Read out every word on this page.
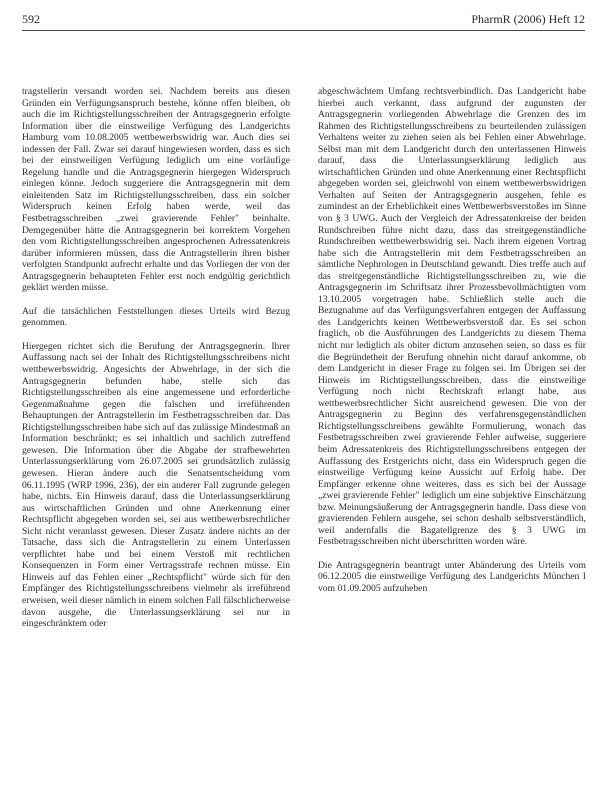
592	PharmR (2006) Heft 12

tragstellerin versandt worden sei. Nachdem bereits aus diesen Gründen ein Verfügungsanspruch bestehe, könne offen bleiben, ob auch die im Richtigstellungsschreiben der Antragsgegnerin erfolgte Information über die einstweilige Verfügung des Landgerichts Hamburg vom 10.08.2005 wettbewerbswidrig war. Auch dies sei indessen der Fall. Zwar sei darauf hingewiesen worden, dass es sich bei der einstweiligen Verfügung lediglich um eine vorläufige Regelung handle und die Antragsgegnerin hiergegen Widerspruch einlegen könne. Jedoch suggeriere die Antragsgegnerin mit dem einleitenden Satz im Richtigstellungsschreiben, dass ein solcher Widerspruch keinen Erfolg haben werde, weil das Festbetragsschreiben „zwei gravierende Fehler" beinhalte. Demgegenüber hätte die Antragsgegnerin bei korrektem Vorgehen den vom Richtigstellungsschreiben angesprochenen Adressatenkreis darüber informieren müssen, dass die Antragstellerin ihren bisher verfolgten Standpunkt aufrecht erhalte und das Vorliegen der von der Antragsgegnerin behaupteten Fehler erst noch endgültig gerichtlich geklärt werden müsse.

Auf die tatsächlichen Feststellungen dieses Urteils wird Bezug genommen.

Hiergegen richtet sich die Berufung der Antragsgegnerin. Ihrer Auffassung nach sei der Inhalt des Richtigstellungsschreibens nicht wettbewerbswidrig. Angesichts der Abwehrlage, in der sich die Antragsgegnerin befunden habe, stelle sich das Richtigstellungsschreiben als eine angemessene und erforderliche Gegenmaßnahme gegen die falschen und irreführenden Behauptungen der Antragstellerin im Festbetragsschreiben dar. Das Richtigstellungsschreiben habe sich auf das zulässige Mindestmaß an Information beschränkt; es sei inhaltlich und sachlich zutreffend gewesen. Die Information über die Abgabe der strafbewehrten Unterlassungserklärung vom 26.07.2005 sei grundsätzlich zulässig gewesen. Hieran ändere auch die Senatsentscheidung vom 06.11.1995 (WRP 1996, 236), der ein anderer Fall zugrunde gelegen habe, nichts. Ein Hinweis darauf, dass die Unterlassungserklärung aus wirtschaftlichen Gründen und ohne Anerkennung einer Rechtspflicht abgegeben worden sei, sei aus wettbewerbsrechtlicher Sicht nicht veranlasst gewesen. Dieser Zusatz ändere nichts an der Tatsache, dass sich die Antragstellerin zu einem Unterlassen verpflichtet habe und bei einem Verstoß mit rechtlichen Konsequenzen in Form einer Vertragsstrafe rechnen müsse. Ein Hinweis auf das Fehlen einer „Rechtspflicht" würde sich für den Empfänger des Richtigstellungsschreibens vielmehr als irreführend erweisen, weil dieser nämlich in einem solchen Fall fälschlicherweise davon ausgehe, die Unterlassungserklärung sei nur in eingeschränktem oder

abgeschwächtem Umfang rechtsverbindlich. Das Landgericht habe hierbei auch verkannt, dass aufgrund der zugunsten der Antragsgegnerin vorliegenden Abwehrlage die Grenzen des im Rahmen des Richtigstellungsschreibens zu beurteilenden zulässigen Verhaltens weiter zu ziehen seien als bei Fehlen einer Abwehrlage. Selbst man mit dem Landgericht durch den unterlassenen Hinweis darauf, dass die Unterlassungserklärung lediglich aus wirtschaftlichen Gründen und ohne Anerkennung einer Rechtspflicht abgegeben worden sei, gleichwohl von einem wettbewerbswidrigen Verhalten auf Seiten der Antragsgegnerin ausgehen, fehle es zumindest an der Erheblichkeit eines Wettbewerbsverstoßes im Sinne von § 3 UWG. Auch der Vergleich der Adressatenkreise der beiden Rundschreiben führe nicht dazu, dass das streitgegenständliche Rundschreiben wettbewerbswidrig sei. Nach ihrem eigenen Vortrag habe sich die Antragstellerin mit dem Festbetragsschreiben an sämtliche Nephrologen in Deutschland gewandt. Dies treffe auch auf das streitgegenständliche Richtigstellungsschreiben zu, wie die Antragsgegnerin im Schriftsatz ihrer Prozessbevollmächtigten vom 13.10.2005 vorgetragen habe. Schließlich stelle auch die Bezugnahme auf das Verfügungsverfahren entgegen der Auffassung des Landgerichts keinen Wettbewerbsverstoß dar. Es sei schon fraglich, ob die Ausführungen des Landgerichts zu diesem Thema nicht nur lediglich als obiter dictum anzusehen seien, so dass es für die Begründetheit der Berufung ohnehin nicht darauf ankomme, ob dem Landgericht in dieser Frage zu folgen sei. Im Übrigen sei der Hinweis im Richtigstellungsschreiben, dass die einstweilige Verfügung noch nicht Rechtskraft erlangt habe, aus wettbewerbsrechtlicher Sicht ausreichend gewesen. Die von der Antragsgegnerin zu Beginn des verfahrensgegenständlichen Richtigstellungsschreibens gewählte Formulierung, wonach das Festbetragsschreiben zwei gravierende Fehler aufweise, suggeriere beim Adressatenkreis des Richtigstellungsschreibens entgegen der Auffassung des Erstgerichts nicht, dass ein Widerspruch gegen die einstweilige Verfügung keine Aussicht auf Erfolg habe. Der Empfänger erkenne ohne weiteres, dass es sich bei der Aussage „zwei gravierende Fehler" lediglich um eine subjektive Einschätzung bzw. Meinungsäußerung der Antragsgegnerin handle. Dass diese von gravierenden Fehlern ausgehe, sei schon deshalb selbstverständlich, weil andernfalls die Bagatellgrenze des § 3 UWG im Festbetragsschreiben nicht überschritten worden wäre.

Die Antragsgegnerin beantragt unter Abänderung des Urteils vom 06.12.2005 die einstweilige Verfügung des Landgerichts München I vom 01.09.2005 aufzuheben
